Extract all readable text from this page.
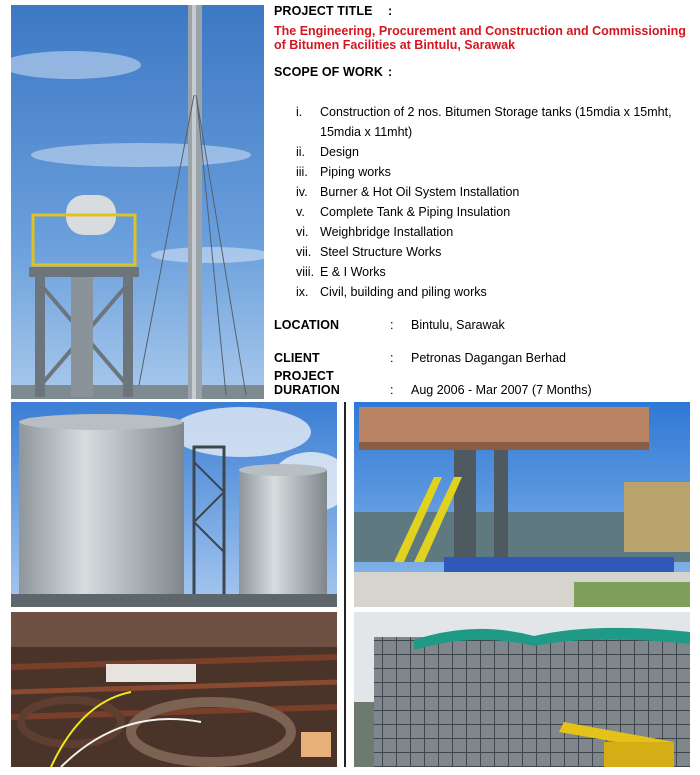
PROJECT TITLE :
The Engineering, Procurement and Construction and Commissioning of Bitumen Facilities at Bintulu, Sarawak
SCOPE OF WORK :
i.	Construction of 2 nos. Bitumen Storage tanks (15mdia x 15mht, 15mdia x 11mht)
ii.	Design
iii. Piping works
iv. Burner & Hot Oil System Installation
v.	Complete Tank & Piping Insulation
vi. Weighbridge Installation
vii. Steel Structure Works
viii. E & I Works
ix. Civil, building and piling works
LOCATION	: Bintulu, Sarawak
CLIENT	: Petronas Dagangan Berhad
PROJECT
DURATION	: Aug 2006 - Mar 2007 (7 Months)
